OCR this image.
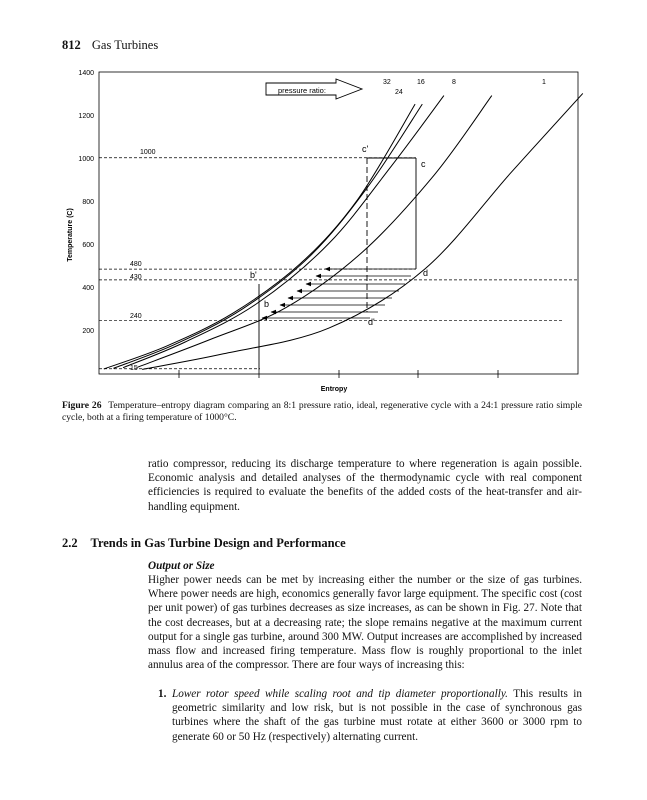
812 Gas Turbines
1400
1200
1000
800
600
400
200
Temperature (C)
Entropy
pressure ratio:
32
24
16	8	1
1000
480
430
240
15
c'
c
b'
b
d
d'
Figure 26 Temperature–entropy diagram comparing an 8:1 pressure ratio, ideal, regenerative cycle with a 24:1 pressure ratio simple cycle, both at a firing temperature of 1000°C.
ratio compressor, reducing its discharge temperature to where regeneration is again possible. Economic analysis and detailed analyses of the thermodynamic cycle with real component efficiencies is required to evaluate the benefits of the added costs of the heat-transfer and air-handling equipment.
2.2 Trends in Gas Turbine Design and Performance
Output or Size
Higher power needs can be met by increasing either the number or the size of gas turbines. Where power needs are high, economics generally favor large equipment. The specific cost (cost per unit power) of gas turbines decreases as size increases, as can be shown in Fig. 27. Note that the cost decreases, but at a decreasing rate; the slope remains negative at the maximum current output for a single gas turbine, around 300 MW. Output increases are accomplished by increased mass flow and increased firing temperature. Mass flow is roughly proportional to the inlet annulus area of the compressor. There are four ways of increasing this:
1. Lower rotor speed while scaling root and tip diameter proportionally. This results in geometric similarity and low risk, but is not possible in the case of synchronous gas turbines where the shaft of the gas turbine must rotate at either 3600 or 3000 rpm to generate 60 or 50 Hz (respectively) alternating current.
